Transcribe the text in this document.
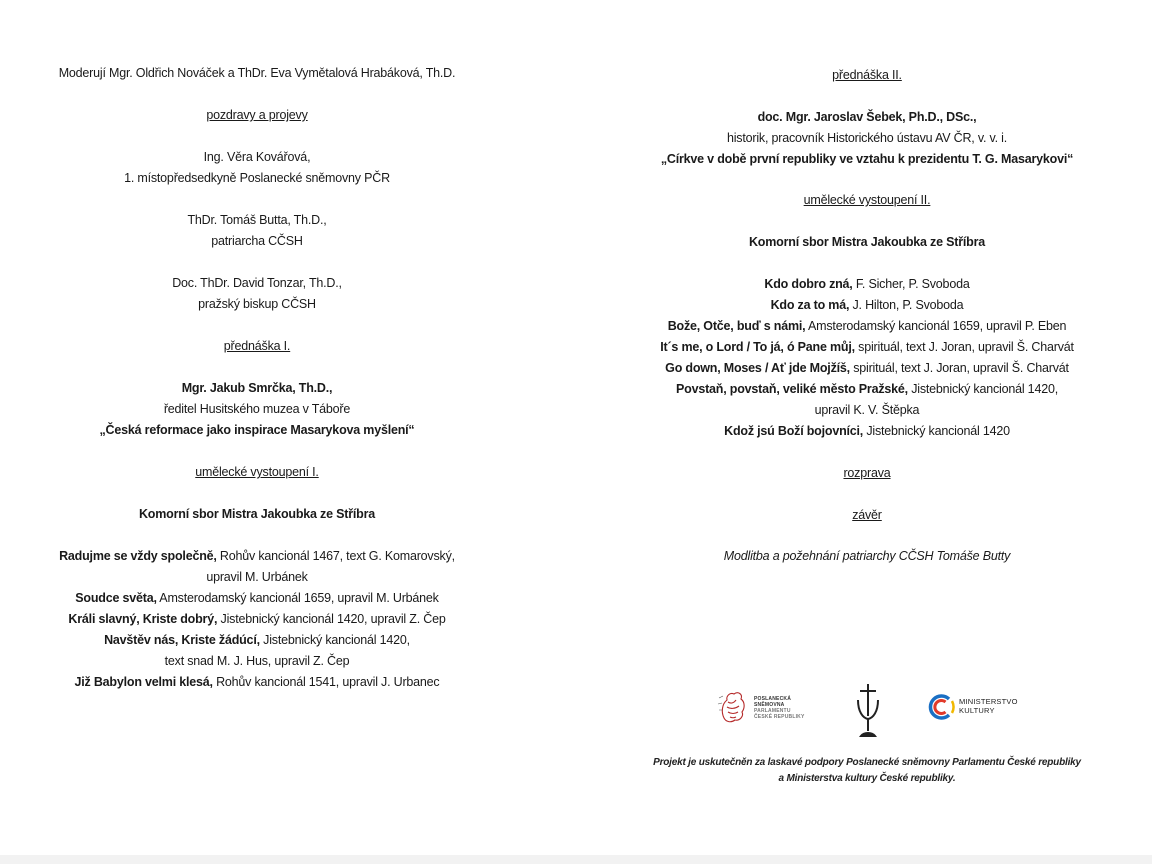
Moderují Mgr. Oldřich Nováček a ThDr. Eva Vymětalová Hrabáková, Th.D.
pozdravy a projevy
Ing. Věra Kovářová,
1. místopředsedkyně Poslanecké sněmovny PČR
ThDr. Tomáš Butta, Th.D.,
patriarcha CČSH
Doc. ThDr. David Tonzar, Th.D.,
pražský biskup CČSH
přednáška I.
Mgr. Jakub Smrčka, Th.D.,
ředitel Husitského muzea v Táboře
„Česká reformace jako inspirace Masarykova myšlení“
umělecké vystoupení I.
Komorní sbor Mistra Jakoubka ze Stříbra
Radujme se vždy společně, Rohův kancionál 1467, text G. Komarovský,
upravil M. Urbánek
Soudce světa, Amsterodamský kancionál 1659, upravil M. Urbánek
Králi slavný, Kriste dobrý, Jistebnický kancionál 1420, upravil Z. Čep
Navštěv nás, Kriste žádúcí, Jistebnický kancionál 1420,
text snad M. J. Hus, upravil Z. Čep
Již Babylon velmi klesá, Rohův kancionál 1541, upravil J. Urbanec
přednáška II.
doc. Mgr. Jaroslav Šebek, Ph.D., DSc.,
historik, pracovník Historického ústavu AV ČR, v. v. i.
„Církve v době první republiky ve vztahu k prezidentu T. G. Masarykovi“
umělecké vystoupení II.
Komorní sbor Mistra Jakoubka ze Stříbra
Kdo dobro zná, F. Sicher, P. Svoboda
Kdo za to má, J. Hilton, P. Svoboda
Bože, Otče, buď s námi, Amsterodamský kancionál 1659, upravil P. Eben
It´s me, o Lord / To já, ó Pane můj, spirituál, text J. Joran, upravil Š. Charvát
Go down, Moses / Ať jde Mojžíš, spirituál, text J. Joran, upravil Š. Charvát
Povstaň, povstaň, veliké město Pražské, Jistebnický kancionál 1420,
upravil K. V. Štěpka
Kdož jsú Boží bojovníci, Jistebnický kancionál 1420
rozprava
závěr
Modlitba a požehnání patriarchy CČSH Tomáše Butty
Projekt je uskutečněn za laskavé podpory Poslanecké sněmovny Parlamentu České republiky
a Ministerstva kultury České republiky.
POSLANECKÁ
SNĚMOVNA
PARLAMENTU
ČESKÉ REPUBLIKY
MINISTERSTVO
KULTURY
